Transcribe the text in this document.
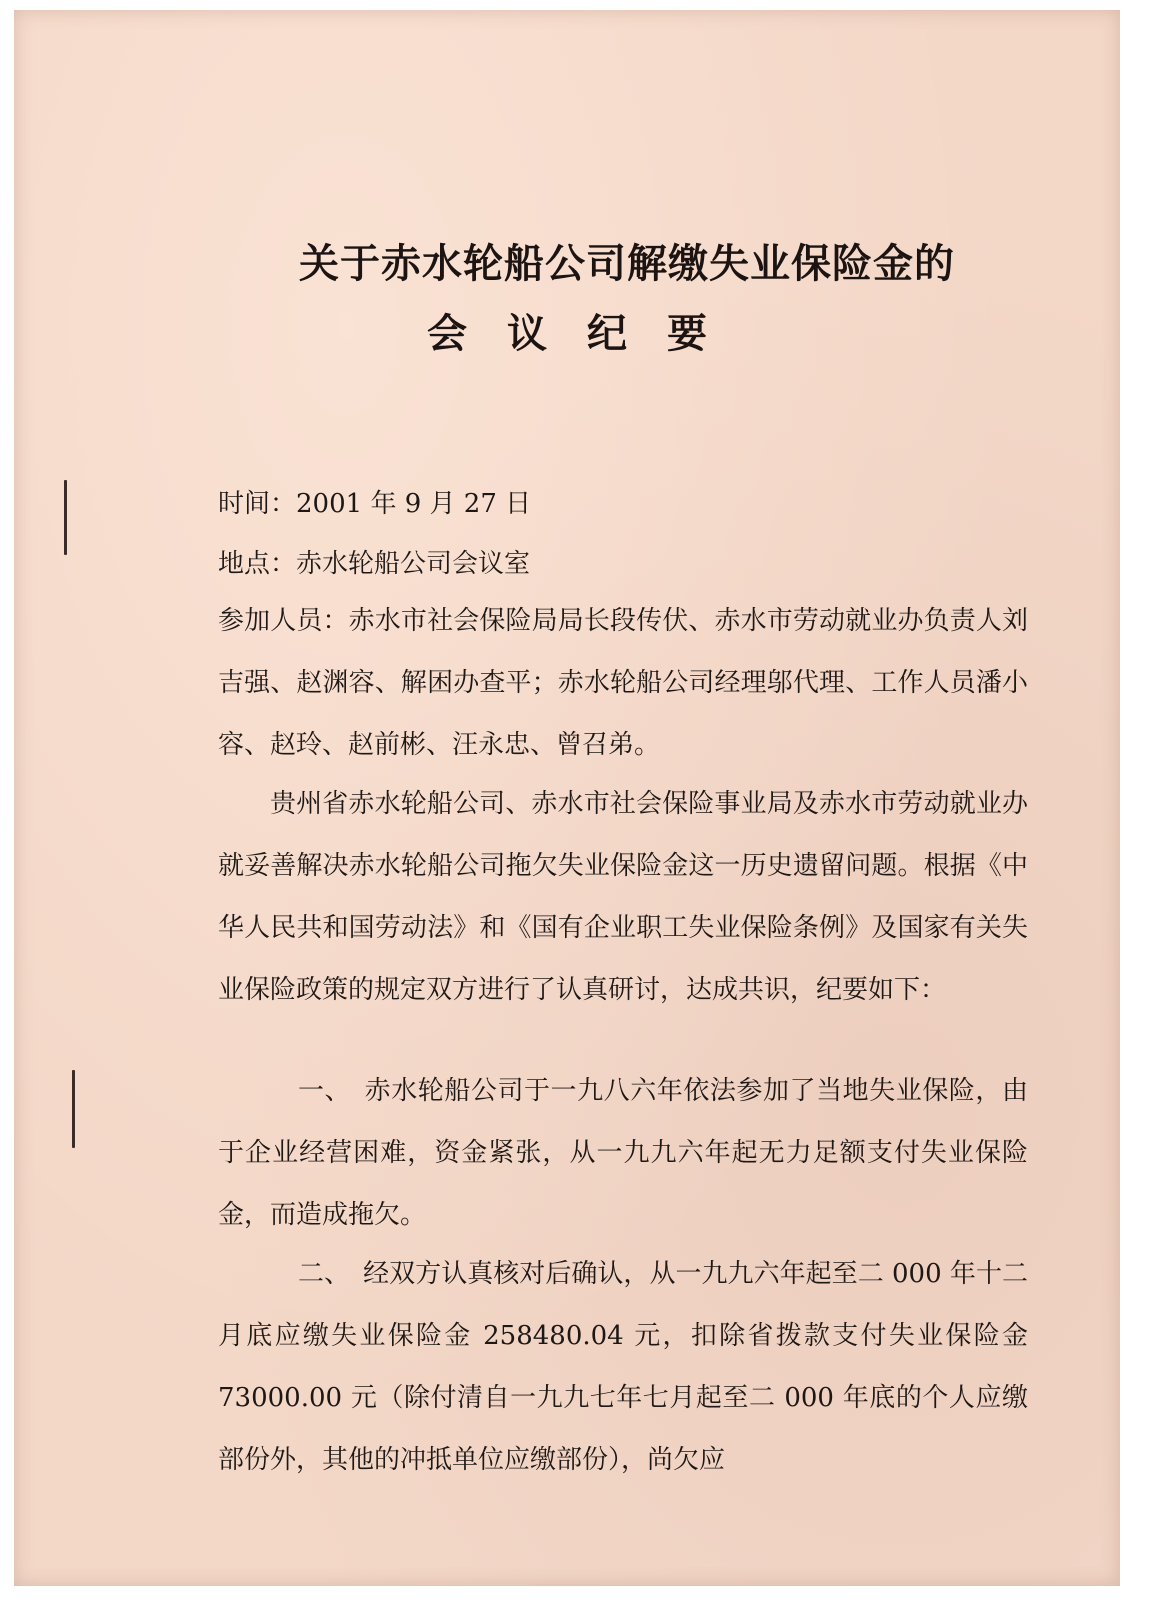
关于赤水轮船公司解缴失业保险金的
会议纪要

时间：2001 年 9 月 27 日

地点：赤水轮船公司会议室

参加人员：赤水市社会保险局局长段传伏、赤水市劳动就业办负责人刘吉强、赵渊容、解困办查平；赤水轮船公司经理邬代理、工作人员潘小容、赵玲、赵前彬、汪永忠、曾召弟。

贵州省赤水轮船公司、赤水市社会保险事业局及赤水市劳动就业办就妥善解决赤水轮船公司拖欠失业保险金这一历史遗留问题。根据《中华人民共和国劳动法》和《国有企业职工失业保险条例》及国家有关失业保险政策的规定双方进行了认真研讨，达成共识，纪要如下：

一、　赤水轮船公司于一九八六年依法参加了当地失业保险，由于企业经营困难，资金紧张，从一九九六年起无力足额支付失业保险金，而造成拖欠。

二、　经双方认真核对后确认，从一九九六年起至二 000 年十二月底应缴失业保险金 258480.04 元，扣除省拨款支付失业保险金 73000.00 元（除付清自一九九七年七月起至二 000 年底的个人应缴部份外，其他的冲抵单位应缴部份），尚欠应
